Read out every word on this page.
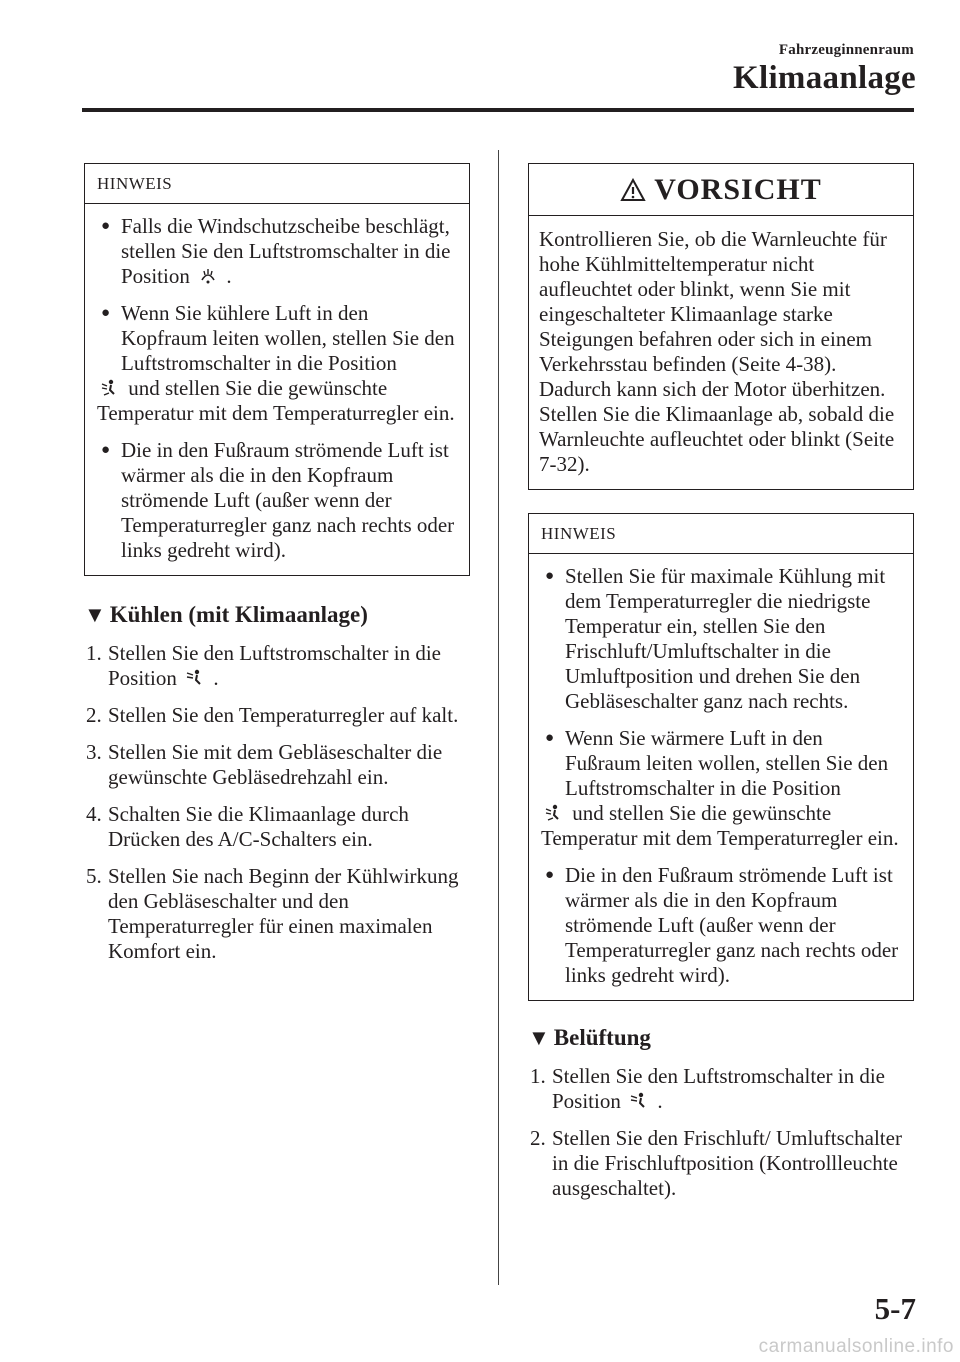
Fahrzeuginnenraum
Klimaanlage
HINWEIS
● Falls die Windschutzscheibe beschlägt, stellen Sie den Luftstromschalter in die Position .
● Wenn Sie kühlere Luft in den Kopfraum leiten wollen, stellen Sie den Luftstromschalter in die Position
und stellen Sie die gewünschte Temperatur mit dem Temperaturregler ein.
● Die in den Fußraum strömende Luft ist wärmer als die in den Kopfraum strömende Luft (außer wenn der Temperaturregler ganz nach rechts oder links gedreht wird).
▼ Kühlen (mit Klimaanlage)
1. Stellen Sie den Luftstromschalter in die Position .
2. Stellen Sie den Temperaturregler auf kalt.
3. Stellen Sie mit dem Gebläseschalter die gewünschte Gebläsedrehzahl ein.
4. Schalten Sie die Klimaanlage durch Drücken des A/C-Schalters ein.
5. Stellen Sie nach Beginn der Kühlwirkung den Gebläseschalter und den Temperaturregler für einen maximalen Komfort ein.
VORSICHT
Kontrollieren Sie, ob die Warnleuchte für hohe Kühlmitteltemperatur nicht aufleuchtet oder blinkt, wenn Sie mit eingeschalteter Klimaanlage starke Steigungen befahren oder sich in einem Verkehrsstau befinden (Seite 4-38). Dadurch kann sich der Motor überhitzen. Stellen Sie die Klimaanlage ab, sobald die Warnleuchte aufleuchtet oder blinkt (Seite 7-32).
HINWEIS
● Stellen Sie für maximale Kühlung mit dem Temperaturregler die niedrigste Temperatur ein, stellen Sie den Frischluft/Umluftschalter in die Umluftposition und drehen Sie den Gebläseschalter ganz nach rechts.
● Wenn Sie wärmere Luft in den Fußraum leiten wollen, stellen Sie den Luftstromschalter in die Position
und stellen Sie die gewünschte Temperatur mit dem Temperaturregler ein.
● Die in den Fußraum strömende Luft ist wärmer als die in den Kopfraum strömende Luft (außer wenn der Temperaturregler ganz nach rechts oder links gedreht wird).
▼ Belüftung
1. Stellen Sie den Luftstromschalter in die Position .
2. Stellen Sie den Frischluft/ Umluftschalter in die Frischluftposition (Kontrollleuchte ausgeschaltet).
5-7
carmanualsonline.info
